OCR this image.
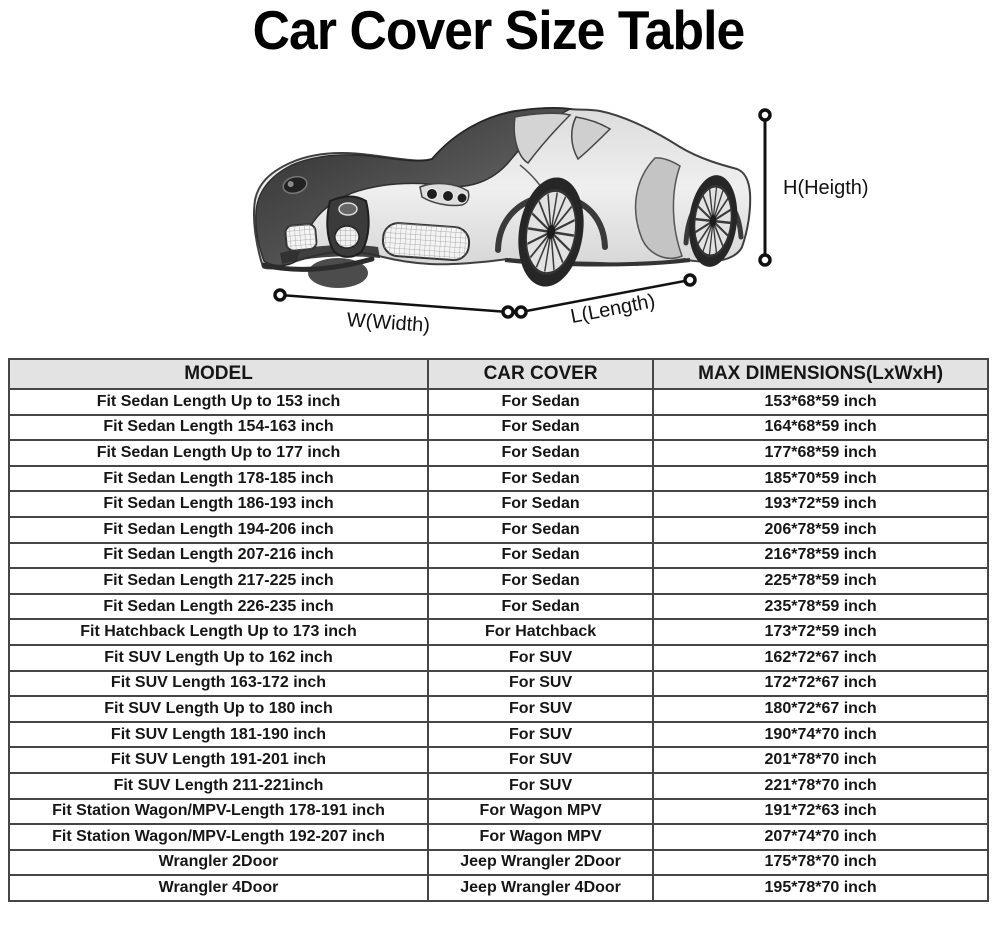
Car Cover Size Table
W(Width)	L(Length)
H(Heigth)
MODEL	CAR COVER	MAX DIMENSIONS(LxWxH)
Fit Sedan Length Up to 153 inch	For Sedan	153*68*59 inch
Fit Sedan Length 154-163 inch	For Sedan	164*68*59 inch
Fit Sedan Length Up to 177 inch	For Sedan	177*68*59 inch
Fit Sedan Length 178-185 inch	For Sedan	185*70*59 inch
Fit Sedan Length 186-193 inch	For Sedan	193*72*59 inch
Fit Sedan Length 194-206 inch	For Sedan	206*78*59 inch
Fit Sedan Length 207-216 inch	For Sedan	216*78*59 inch
Fit Sedan Length 217-225 inch	For Sedan	225*78*59 inch
Fit Sedan Length 226-235 inch	For Sedan	235*78*59 inch
Fit Hatchback Length Up to 173 inch	For Hatchback	173*72*59 inch
Fit SUV Length Up to 162 inch	For SUV	162*72*67 inch
Fit SUV Length 163-172 inch	For SUV	172*72*67 inch
Fit SUV Length Up to 180 inch	For SUV	180*72*67 inch
Fit SUV Length 181-190 inch	For SUV	190*74*70 inch
Fit SUV Length 191-201 inch	For SUV	201*78*70 inch
Fit SUV Length 211-221inch	For SUV	221*78*70 inch
Fit Station Wagon/MPV-Length 178-191 inch	For Wagon MPV	191*72*63 inch
Fit Station Wagon/MPV-Length 192-207 inch	For Wagon MPV	207*74*70 inch
Wrangler 2Door	Jeep Wrangler 2Door	175*78*70 inch
Wrangler 4Door	Jeep Wrangler 4Door	195*78*70 inch
